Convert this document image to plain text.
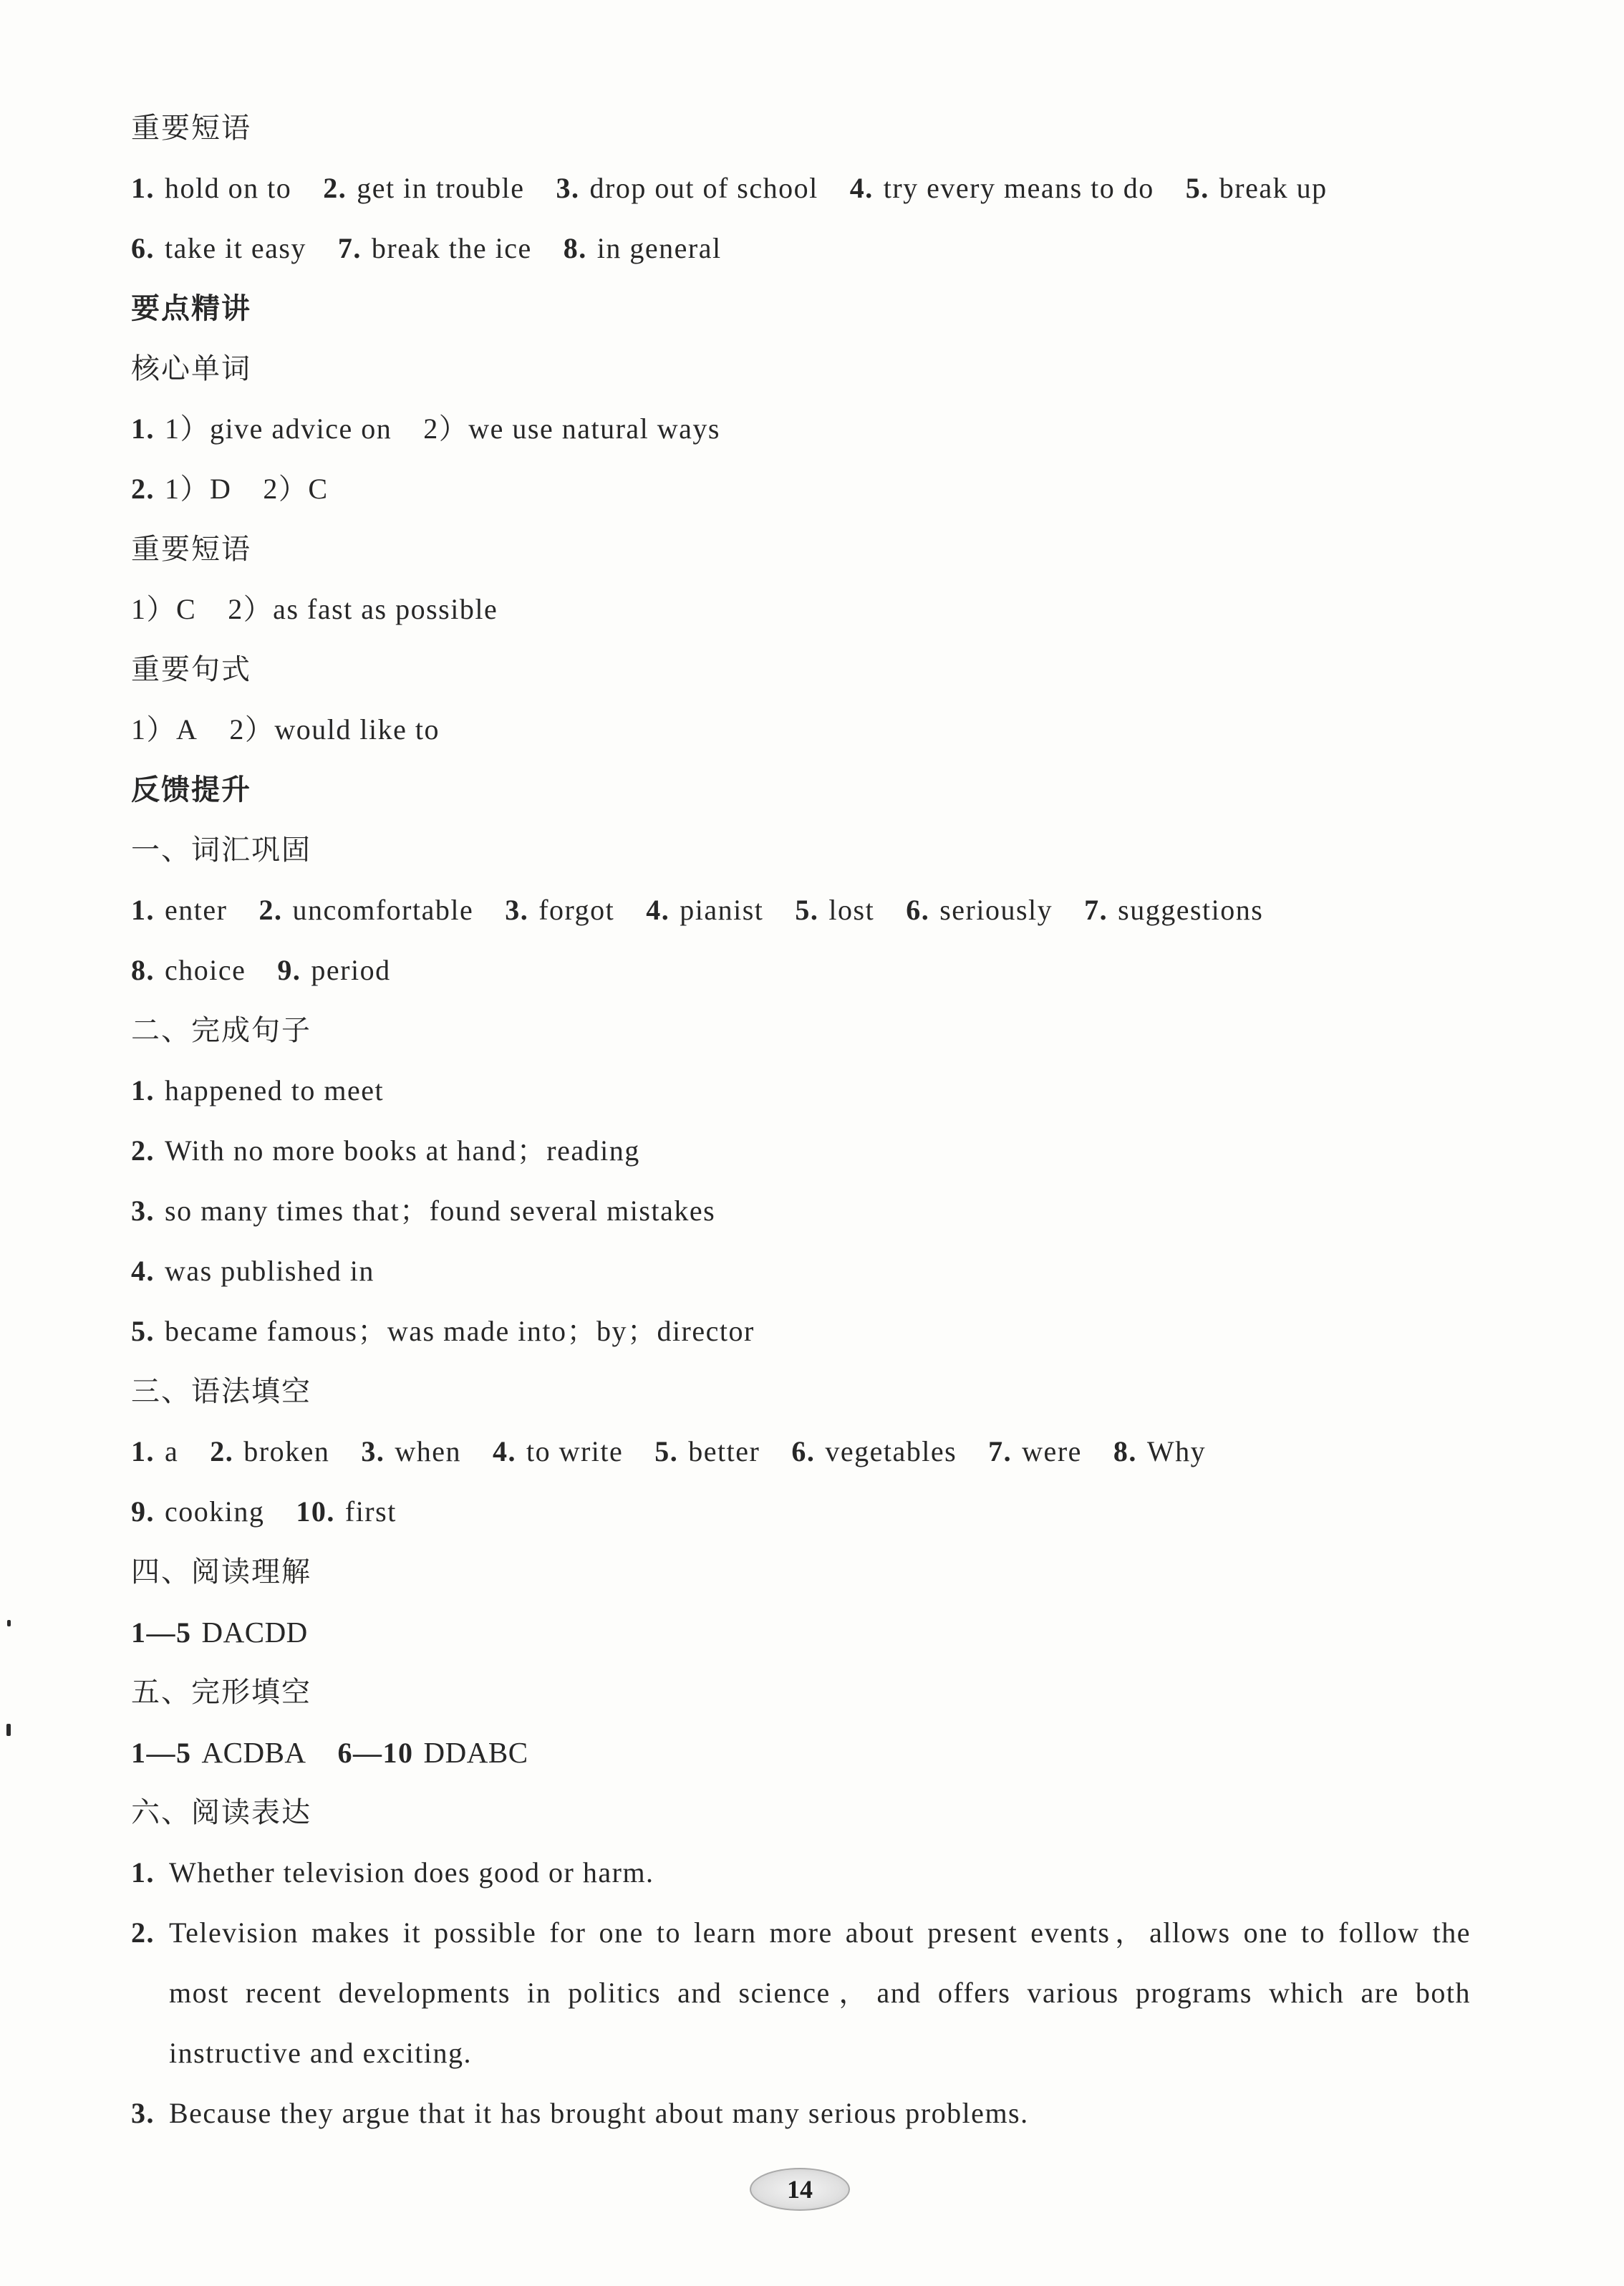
重要短语
1. hold on to 2. get in trouble 3. drop out of school 4. try every means to do 5. break up
6. take it easy 7. break the ice 8. in general
要点精讲
核心单词
1. 1）give advice on 2）we use natural ways
2. 1）D 2）C
重要短语
1）C 2）as fast as possible
重要句式
1）A 2）would like to
反馈提升
一、词汇巩固
1. enter 2. uncomfortable 3. forgot 4. pianist 5. lost 6. seriously 7. suggestions
8. choice 9. period
二、完成句子
1. happened to meet
2. With no more books at hand；reading
3. so many times that；found several mistakes
4. was published in
5. became famous；was made into；by；director
三、语法填空
1. a 2. broken 3. when 4. to write 5. better 6. vegetables 7. were 8. Why
9. cooking 10. first
四、阅读理解
1—5 DACDD
五、完形填空
1—5 ACDBA 6—10 DDABC
六、阅读表达
1. Whether television does good or harm.
2. Television makes it possible for one to learn more about present events，allows one to follow the
most recent developments in politics and science，and offers various programs which are both
instructive and exciting.
3. Because they argue that it has brought about many serious problems.
14
